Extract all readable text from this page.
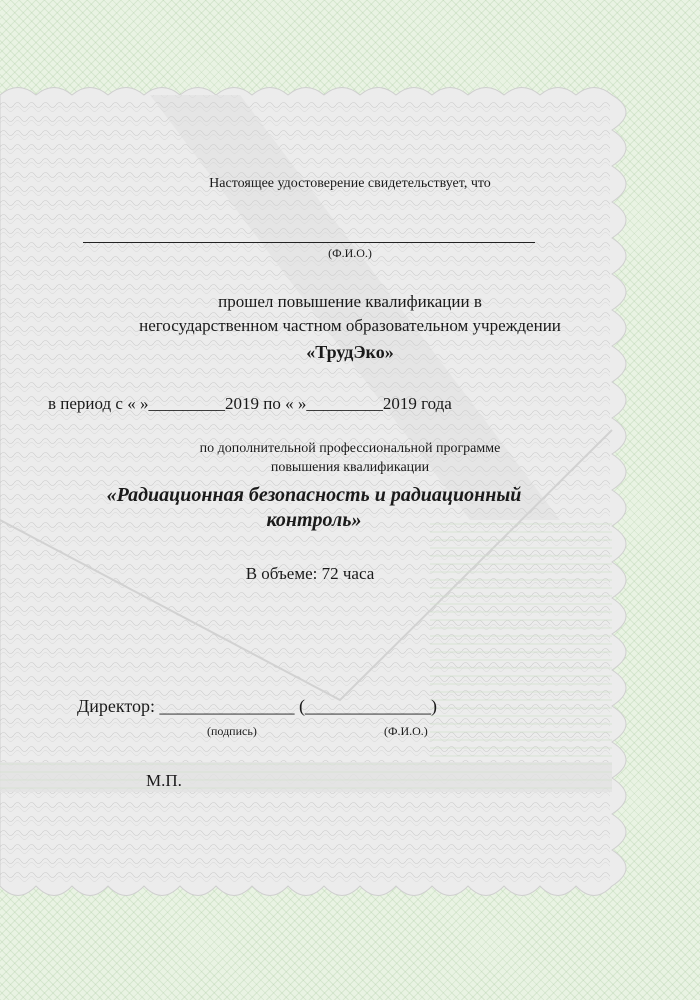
Настоящее удостоверение свидетельствует, что
(Ф.И.О.)
прошел повышение квалификации в
негосударственном частном образовательном учреждении
«ТрудЭко»
в период с « »_________2019 по « »_________2019 года
по дополнительной профессиональной программе
повышения квалификации
«Радиационная безопасность и радиационный
контроль»
В объеме: 72 часа
Директор: _______________ (______________)
(подпись)	(Ф.И.О.)
М.П.
